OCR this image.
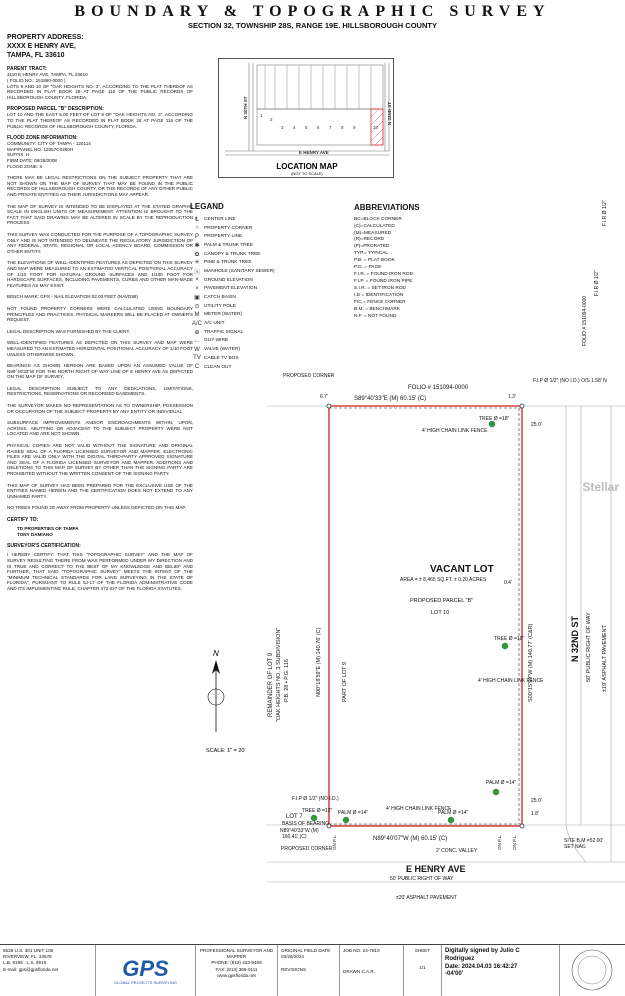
BOUNDARY & TOPOGRAPHIC SURVEY
SECTION 32, TOWNSHIP 28S, RANGE 19E. HILLSBOROUGH COUNTY
PROPERTY ADDRESS:
XXXX E HENRY AVE,
TAMPA, FL 33610
PARENT TRACT:
3110 E HENRY AVE, TAMPA, FL 33610
( FOLIO NO.: 151860-0000 )
LOTS 9 AND 10 OF "OAK HEIGHTS NO. 3", ACCORDING TO THE PLAT THEREOF AS RECORDED IN PLAT BOOK 28 AT PAGE 116 OF THE PUBLIC RECORDS OF HILLSBOROUGH COUNTY, FLORIDA.
PROPOSED PARCEL "B" DESCRIPTION:
LOT 10 AND THE EAST 5.00 FEET OF LOT 9 OF "OAK HEIGHTS NO. 3", ACCORDING TO THE PLAT THEREOF AS RECORDED IN PLAT BOOK 28 AT PAGE 116 OF THE PUBLIC RECORDS OF HILLSBOROUGH COUNTY, FLORIDA.
FLOOD ZONE INFORMATION:
COMMUNITY: CITY OF TAMPA - 120114
MAP/PANEL NO. 12057C0360H
SUFFIX: H
FIRM DATE: 08/28/2008
FLOOD ZONE: X
THERE MAY BE LEGAL RESTRICTIONS ON THE SUBJECT PROPERTY THAT ARE NOT SHOWN ON THE MAP OF SURVEY THAT MAY BE FOUND IN THE PUBLIC RECORDS OF HILLSBOROUGH COUNTY, OR THE RECORDS OF ANY OTHER PUBLIC AND PRIVATE ENTITIES AS THEIR JURISDICTIONS MAY APPEAR.
THE MAP OF SURVEY IS INTENDED TO BE DISPLAYED AT THE STATED GRAPHIC SCALE IN ENGLISH UNITS OF MEASUREMENT. ATTENTION IS BROUGHT TO THE FACT THAT SAID DRAWING MAY BE ALTERED IN SCALE BY THE REPRODUCTION PROCESS
THIS SURVEY WAS CONDUCTED FOR THE PURPOSE OF A TOPOGRAPHIC SURVEY ONLY AND IS NOT INTENDED TO DELINEATE THE REGULATORY JURISDICTION OF ANY FEDERAL, STATE, REGIONAL OR LOCAL AGENCY BOARD, COMMISSION OR OTHER ENTITY.
THE ELEVATIONS OF WELL-IDENTIFIED FEATURES AS DEPICTED ON THIS SURVEY AND MAP WERE MEASURED TO AN ESTIMATED VERTICAL POSITIONAL ACCURACY OF 1/10 FOOT FOR NATURAL GROUND SURFACES AND 1/100 FOOT FOR HARDSCAPE SURFACES, INCLUDING PAVEMENTS, CURBS AND OTHER MAN-MADE FEATURES AS MAY EXIST.
BENCH MARK: GPS - NAIL ELEVATION 52.00 FEET (NAVD88)
NOT FOUND PROPERTY CORNERS WERE CALCULATED USING BOUNDARY PRINCIPLES AND PRACTICES. PHYSICAL MARKERS WILL BE PLACED AT OWNER'S REQUEST.
LEGAL DESCRIPTION WAS FURNISHED BY THE CLIENT.
WELL-IDENTIFIED FEATURES AS DEPICTED ON THIS SURVEY AND MAP WERE MEASURED TO AN ESTIMATED HORIZONTAL POSITIONAL ACCURACY OF 1/10 FOOT UNLESS OTHERWISE SHOWN.
BEARINGS AS SHOWN HEREON ARE BASED UPON AN ASSUMED VALUE OF N89°40'33"W FOR THE NORTH RIGHT OF WAY LINE OF E HENRY AVE AS DEPICTED ON THE MAP OF SURVEY.
LEGAL DESCRIPTION SUBJECT TO ANY DEDICATIONS, LIMITATIONS, RESTRICTIONS, RESERVATIONS OR RECORDED EASEMENTS.
THE SURVEYOR MAKES NO REPRESENTATION AS TO OWNERSHIP, POSSESSION OR OCCUPATION OF THE SUBJECT PROPERTY BY ANY ENTITY OR INDIVIDUAL.
SUBSURFACE IMPROVEMENTS AND/OR ENCROACHMENTS WITHIN, UPON, ACROSS, ABUTTING OR ADJACENT TO THE SUBJECT PROPERTY WERE NOT LOCATED AND ARE NOT SHOWN.
PHYSICAL COPIES ARE NOT VALID WITHOUT THE SIGNATURE AND ORIGINAL RAISED SEAL OF A FLORIDA LICENSED SURVEYOR AND MAPPER. ELECTRONIC FILES ARE VALID ONLY WITH THE DIGITAL THIRD-PARTY APPROVED SIGNATURE AND SEAL OF A FLORIDA LICENSED SURVEYOR AND MAPPER. ADDITIONS AND DELETIONS TO THIS MAP OF SURVEY BY OTHER THAN THE SIGNING PARTY ARE PROHIBITED WITHOUT THE WRITTEN CONSENT OF THE SIGNING PARTY.
THIS MAP OF SURVEY HAS BEEN PREPARED FOR THE EXCLUSIVE USE OF THE ENTITIES NAMED HEREIN AND THE CERTIFICATION DOES NOT EXTEND TO ANY UNNAMED PARTY.
NO TREES FOUND 20' AWAY FROM PROPERTY UNLESS DEPICTED ON THIS MAP.
CERTIFY TO:
TD PROPERTIES OF TAMPA
TONY DAMIANO
SURVEYOR'S CERTIFICATION:
I HEREBY CERTIFY: THAT THIS "TOPOGRAPHIC SURVEY" AND THE MAP OF SURVEY RESULTING THERE FROM WAS PERFORMED UNDER MY DIRECTION AND IS TRUE AND CORRECT TO THE BEST OF MY KNOWLEDGE AND BELIEF AND FURTHER, THAT SAID "TOPOGRAPHIC SURVEY" MEETS THE INTENT OF THE "MINIMUM TECHNICAL STANDARDS FOR LAND SURVEYING IN THE STATE OF FLORIDA", PURSUANT TO RULE 5J-17 OF THE FLORIDA ADMINISTRATIVE CODE AND ITS IMPLEMENTING RULE, CHAPTER 472.027 OF THE FLORIDA STATUTES.
1
2
3 4 5 6 7 8 9	10
E HENRY AVE
N 30TH ST	N 32ND ST
LOCATION MAP
(NOT TO SCALE)
LEGAND
℄	CENTER LINE
○	PROPERTY CORNER
P	PROPERTY LINE
✱ PALM & TRUNK TREE
✿ CANOPY & TRUNK TREE
✳ PINE & TRUNK TREE
Ⓢ MANHOLE (SANITARY SEWER)
×	GROUND ELEVATION
×	PAVEMENT ELEVATION
▣ CATCH BASIN
⊙ UTILITY POLE
M METER (WATER)
A/C A/C UNIT
⊕ TRAFFIC SIGNAL
← GUY WIRE
W VALVE (WATER)
TV CABLE TV BOX
C	CLEAN OUT
ABBREVIATIONS
BC=BLOCK CORNER
(C)=CALCULATED
(M)=MEASURED
(R)=RECORD
(P)=PRORATED
TYP.= TYPICAL
P.B. = PLAT BOOK
P.G. = PAGE
F.I.R. = FOUND IRON ROD
F.I.P. = FOUND IRON PIPE
S.I.R. = SET IRON ROD
I.D = IDENTIFICATION
F/C = FENCE CORNER
B.M. = BENCHMARK
N.F. = NOT FOUND	FOLIO # 151094-0000
F.I.R Ø 1/2"
F.I.R Ø 1/2"
N
SCALE: 1" = 20'
FOLIO # 151094-0000
S89°40'33"E (M) 60.15' (C)
PROPOSED CORNER
4' HIGH CHAIN LINK FENCE
F.I.P Ø 1/2" (NO I.D.) O/S 1.58' N
TREE Ø =18"
VACANT LOT
AREA = ± 8,465 SQ.FT. ± 0.20 ACRES
PROPOSED PARCEL "B"
LOT 10
TREE Ø =18"
4' HIGH CHAIN LINK FENCE
PALM Ø =14"
4' HIGH CHAIN LINK FENCE
N89°40'07"W (M) 60.15' (C)
PROPOSED CORNER
F.I.P Ø 1/2" (NO I.D.)
TREE Ø =12" PALM Ø =14"	PALM Ø =14"
LOT 7
BASIS OF BEARING
N89°40'33"W (M)
160.41' (C)
2' CONC. VALLEY
E HENRY AVE
50' PUBLIC RIGHT OF WAY
±20' ASPHALT PAVEMENT
SITE B.M.=52.00'
SET NAIL
25.0'
25.0'
0.4'
1.8'
6.7'	1.3'
N00°18'59"E (M) 140.76' (C)	PART OF LOT 9
REMAINDER OF LOT 9 "OAK HEIGHTS NO. 3 SUBDIVISION" P.B. 28 • P.G. 116	S00°15'59"W (M) 140.77' (C&R)	N 32ND ST 50' PUBLIC RIGHT OF WAY ±19' ASPHALT PAVEMENT
ON P.L.	ON P.L. ON P.L.
Stellar
6528 U.S. 301 UNIT 106
RIVERVIEW, FL. 33578
L.B. 8195 L.S. 6919
E-mail: gps@gpsflorida.net	GPS
GLOBAL PROJECTS SURVEYING
PROFESSIONAL SURVEYOR AND MAPPER
PHONE: (813) 423-9469
FAX: (813) 368-0111
www.gpsflorida.net
ORIGINAL FIELD DATE
03/28/2024
REVISIONS
JOB NO. 24-7910
DRAWN C.A.R.
SHEET
1/1
Digitally signed by Julio C
Rodriguez
Date: 2024.04.03 16:42:27
-04'00'
